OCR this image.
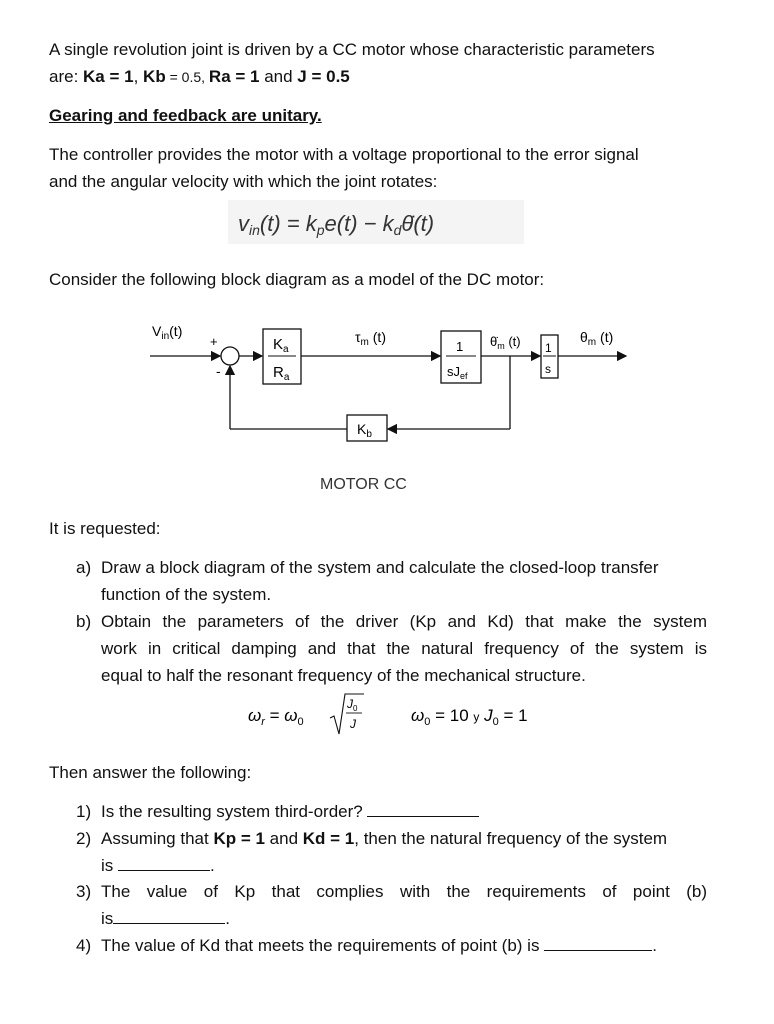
A single revolution joint is driven by a CC motor whose characteristic parameters
are: Ka = 1, Kb = 0.5, Ra = 1 and J = 0.5
Gearing and feedback are unitary.
The controller provides the motor with a voltage proportional to the error signal
and the angular velocity with which the joint rotates:
vin(t) = kpe(t) − kdθ̇(t)
Consider the following block diagram as a model of the DC motor:
$V_{in}(t)$
+
-
$K_a$
$R_a$
$\tau_m$ (t)
1
$sJ_{ef}$
$\thetȧ_m$ (t) 1
s
$\theta_m$ (t)
$K_b$
MOTOR CC
It is requested:
a) Draw a block diagram of the system and calculate the closed-loop transfer
function of the system.
b) Obtain the parameters of the driver (Kp and Kd) that make the system
work in critical damping and that the natural frequency of the system is
equal to half the resonant frequency of the mechanical structure.
$\omega_r = \omega_0$
$J_0$
J	$\omega_0 = 10$ y $J_0 = 1$
Then answer the following:
1) Is the resulting system third-order?
2) Assuming that Kp = 1 and Kd = 1, then the natural frequency of the system
is	.
3) The value of Kp that complies with the requirements of point (b)
is	.
4) The value of Kd that meets the requirements of point (b) is	.
